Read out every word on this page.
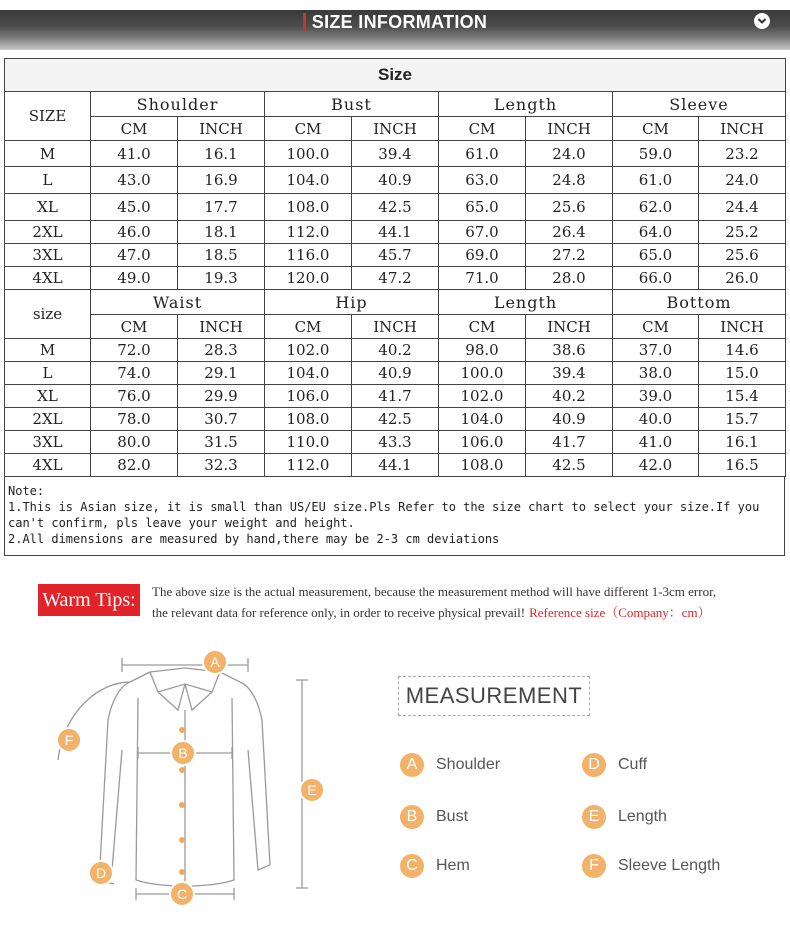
SIZE INFORMATION
Size								
SIZE	Shoulder		Bust		Length		Sleeve	
	CM	INCH	CM	INCH	CM	INCH	CM	INCH
M	41.0	16.1	100.0	39.4	61.0	24.0	59.0	23.2
L	43.0	16.9	104.0	40.9	63.0	24.8	61.0	24.0
XL	45.0	17.7	108.0	42.5	65.0	25.6	62.0	24.4
2XL	46.0	18.1	112.0	44.1	67.0	26.4	64.0	25.2
3XL	47.0	18.5	116.0	45.7	69.0	27.2	65.0	25.6
4XL	49.0	19.3	120.0	47.2	71.0	28.0	66.0	26.0
size	Waist		Hip		Length		Bottom	
	CM	INCH	CM	INCH	CM	INCH	CM	INCH
M	72.0	28.3	102.0	40.2	98.0	38.6	37.0	14.6
L	74.0	29.1	104.0	40.9	100.0	39.4	38.0	15.0
XL	76.0	29.9	106.0	41.7	102.0	40.2	39.0	15.4
2XL	78.0	30.7	108.0	42.5	104.0	40.9	40.0	15.7
3XL	80.0	31.5	110.0	43.3	106.0	41.7	41.0	16.1
4XL	82.0	32.3	112.0	44.1	108.0	42.5	42.0	16.5
Note:
1.This is Asian size, it is small than US/EU size.Pls Refer to the size chart to select your size.If you can't confirm, pls leave your weight and height.
2.All dimensions are measured by hand,there may be 2-3 cm deviations
Warm Tips:	The above size is the actual measurement, because the measurement method will have different 1-3cm error,
the relevant data for reference only, in order to receive physical prevail! Reference size（Company：cm）
A
B
C
D
E
F
MEASUREMENT
A	Shoulder
B	Bust
C	Hem
D	Cuff
E	Length
F	Sleeve Length
